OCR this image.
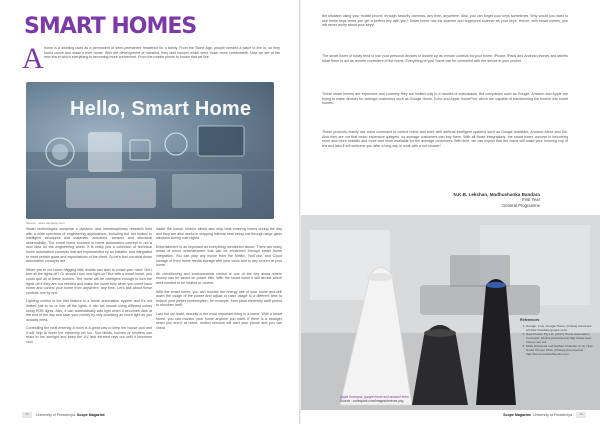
SMART HOMES
A home is a dwelling used as a permanent or semi-permanent residence for a family. From the Stone Age, people needed a place to live in, so they found caves and made it their home. With the development of mankind, they built houses which were much more comfortable. Now we are at the new era in which everything is becoming more convenient. From the mobile phone to house that we live

Hello, Smart Home
Source : news.samsung.com

Smart technologies comprise a dynamic new interdisciplinary research field with a wide spectrum of engineering applications, including but not limited to intelligent structures and materials, actuators, sensors and structural observability. The smart home concept in home automation concept is not a new idea for the engineering world. It is really just a collection of technical home automation concepts that are implemented by an installer, and integrated to meet certain goals and expectations of the client. So let's find out what those automation concepts are.

When you're not home nagging little doubts can start to crowd your mind. Did I turn all the lights off? Or should I turn one light on? But with a smart home, you could quit all of these worries. The home will be intelligent enough to turn the lights off if they are not needed and make the home fully when you come back home and control your home from anywhere, any time. Let's talk about these controls one by one.

Lighting control is the first feature in a home automation system and it's not limited just to on or turn off the lights. It can set moods using different colors using RGB lights. Also, it can automatically add light when it becomes dark at the end of the day and save your money by only providing as much light as you actually need.

Controlling the heat entering a room is a great way to keep the house cool and it will help to lower the electricity bill too. Sun blinds, louvres or shutters can react to the sunlight and keep the UV and infrared rays out until it becomes cool

inside the house. Interior blinds also stop heat entering rooms during the day and they are also useful in stopping internal heat being lost through large glass windows during cold nights.

Entertainment is as important as everything mentioned above. There are many areas of home entertainment that can be enhanced through smart home integration. You can play any movie from the Netflix, YouTube, and Cloud storage or from home media storage with your voice and to any screen at your home.

Air conditioning and environmental control is one of the key areas where money can be saved on power bills. With the smart home it will decide which area needed to be heated or cooled.

With the smart home, you can monitor the energy use of your home and drill down the usage of the power and adjust or raise usage to a different time to reduce your power consumption, for example, from peak electricity tariff period to shoulder tariff.

Last but not least, security is the most important thing in a home. With a smart home, you can monitor your home anytime you want. If there is a stranger when you aren't at home, motion sensors will alert your phone and you can check

13 University of Peradeniya Scope Magazine

the situation using your mobile phone, through security cameras, any time, anywhere. Also, you can forget your keys sometimes. Why would you want to use metal keys when you get a perfect key with you? Smart home has iris scanner and fingerprint scanner as your keys. Hence, with smart homes, you will never worry about your keys!

The smart home of today tend to use your personal devices to double up as remote controls for your home. iPhone, iPads and Android phones and tablets allow them to act as remote controllers of the home. Everything of your home can be controlled with the device in your pocket.

These smart homes are expensive and currently they are limited only to a handful of enthusiasts. But companies such as Google, Amazon and Apple are trying to make devices for average customers such as Google Home, Echo and Apple HomePod, which are capable of transforming the homes into smart homes.

These products mainly use voice command to control home and work with artificial intelligent systems such as Google Assistant, Amazon Alexa and Siri. Also they are not that much expensive gadgets, so average customers can buy them. With all those integrations, the smart home concept is becoming more and more realistic and more and more available for the average customers. With time, we can expect that the home will make your morning cup of tea and also it will welcome you after a long day of work with a hot shower!

N.K.B. Lekshan, Madhushanka Bandara
First Year
General Programme
References
1. Google. (n.d). Google Home. [Online] Accessed at https://madeby.google.com/
2. Nest Private Pty Ltd. (2017) Home Automation Concepts. [Online] Accessed at http://www.nest-house.com.au/
3. Molly Edmonds and Nathan Chandler (n.d). How Smart Homes Work. [Online] Accessed at http://home.howstuffworks.com
Apple homepod, google home and amazon echo
Source : codespark.com/images/devices.png
Scope Magazine University of Peradeniya 14
